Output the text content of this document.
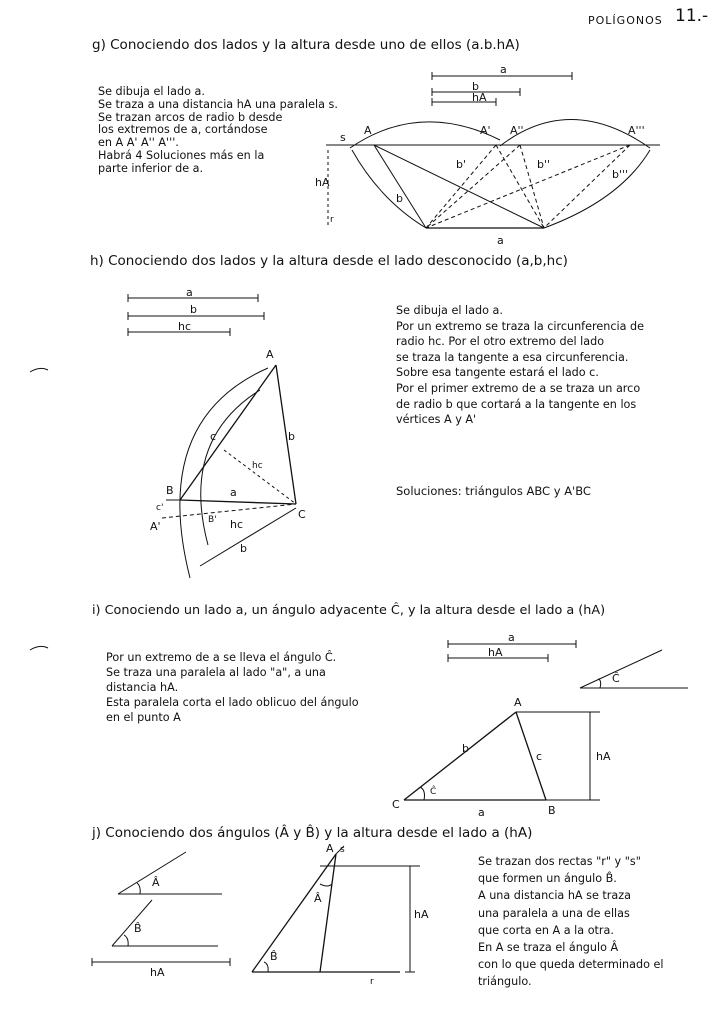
POLÍGONOS 11.-
g) Conociendo dos lados y la altura desde uno de ellos (a.b.hA)
Se dibuja el lado a.
Se traza a una distancia hA una paralela s.
Se trazan arcos de radio b desde
los extremos de a, cortándose
en A A' A'' A'''.
Habrá 4 Soluciones más en la
parte inferior de a.
h) Conociendo dos lados y la altura desde el lado desconocido (a,b,hc)
Se dibuja el lado a.
Por un extremo se traza la circunferencia de
radio hc. Por el otro extremo del lado
se traza la tangente a esa circunferencia.
Sobre esa tangente estará el lado c.
Por el primer extremo de a se traza un arco
de radio b que cortará a la tangente en los
vértices A y A'
Soluciones: triángulos ABC y A'BC
i) Conociendo un lado a, un ángulo adyacente Ĉ, y la altura desde el lado a (hA)
Por un extremo de a se lleva el ángulo Ĉ.
Se traza una paralela al lado "a", a una
distancia hA.
Esta paralela corta el lado oblicuo del ángulo
en el punto A
j) Conociendo dos ángulos (Â y B̂) y la altura desde el lado a (hA)
Se trazan dos rectas "r" y "s"
que formen un ángulo B̂.
A una distancia hA se traza
una paralela a una de ellas
que corta en A a la otra.
En A se traza el ángulo Â
con lo que queda determinado el
triángulo.
a
b
hA
s
a
hA
r
A	A' A''	A'''
b
b'	b''
b'''
a
b
hc
A
B
C
A'	B'
c
c'
hc
a
b
hc
b
a
hA
Ĉ
A
B
C
b
c
a
hA
Ĉ
Â
B̂
hA
A s
Â
B̂
r
hA
